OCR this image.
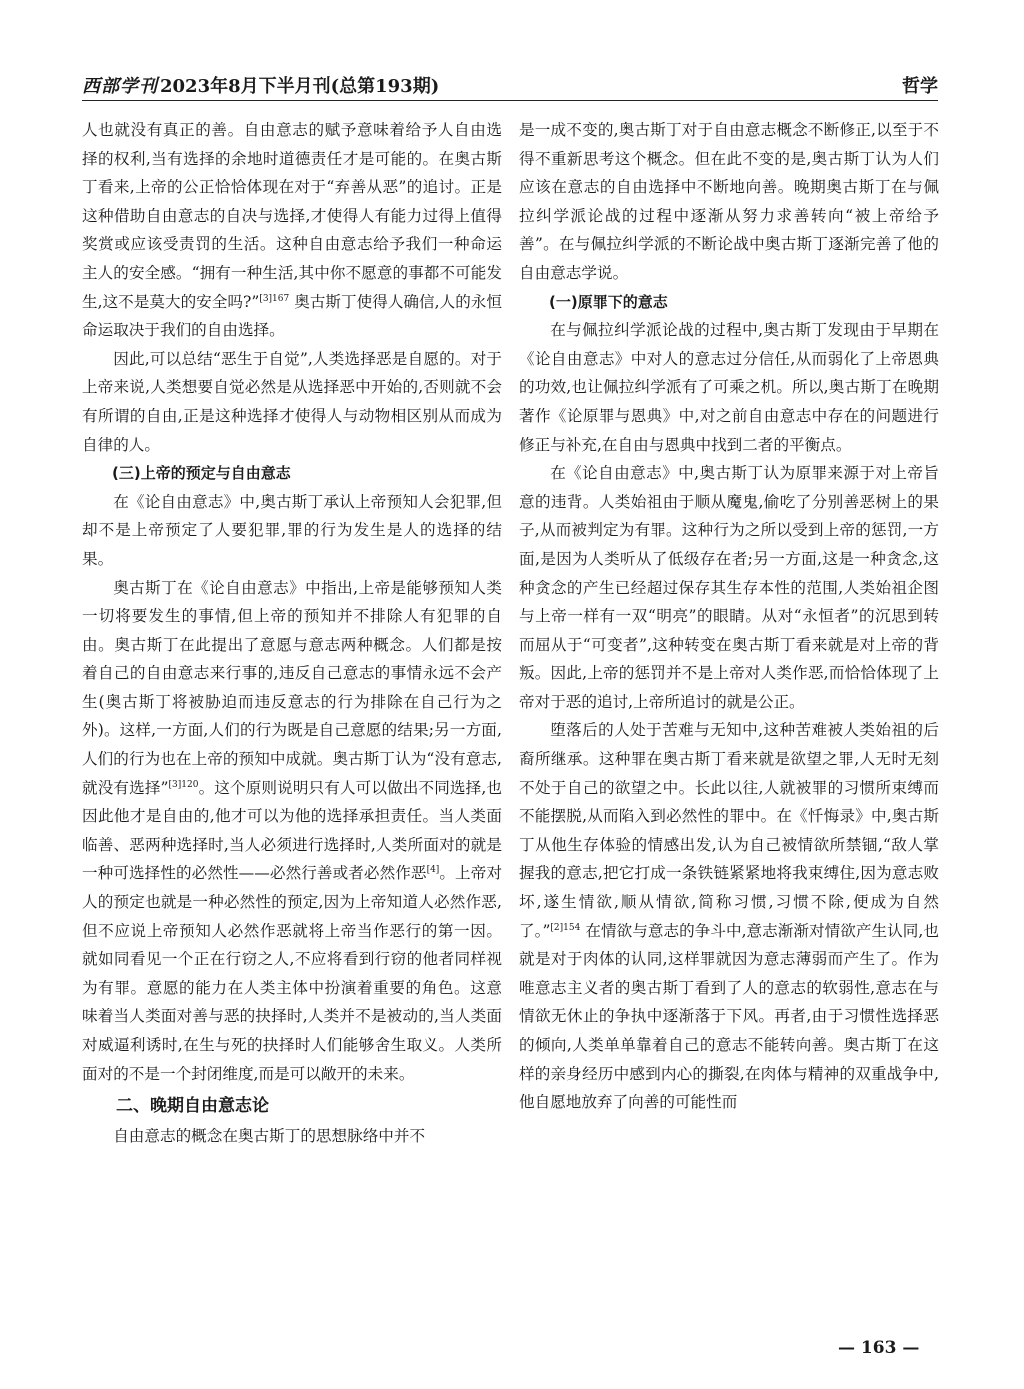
西部学刊 2023年8月下半月刊(总第193期)	哲学

人也就没有真正的善。自由意志的赋予意味着给予人自由选择的权利,当有选择的余地时道德责任才是可能的。在奥古斯丁看来,上帝的公正恰恰体现在对于“弃善从恶”的追讨。正是这种借助自由意志的自决与选择,才使得人有能力过得上值得奖赏或应该受责罚的生活。这种自由意志给予我们一种命运主人的安全感。“拥有一种生活,其中你不愿意的事都不可能发生,这不是莫大的安全吗?”$^{[3]167}$ 奥古斯丁使得人确信,人的永恒命运取决于我们的自由选择。

因此,可以总结“恶生于自觉”,人类选择恶是自愿的。对于上帝来说,人类想要自觉必然是从选择恶中开始的,否则就不会有所谓的自由,正是这种选择才使得人与动物相区别从而成为自律的人。

(三)上帝的预定与自由意志

在《论自由意志》中,奥古斯丁承认上帝预知人会犯罪,但却不是上帝预定了人要犯罪,罪的行为发生是人的选择的结果。

奥古斯丁在《论自由意志》中指出,上帝是能够预知人类一切将要发生的事情,但上帝的预知并不排除人有犯罪的自由。奥古斯丁在此提出了意愿与意志两种概念。人们都是按着自己的自由意志来行事的,违反自己意志的事情永远不会产生(奥古斯丁将被胁迫而违反意志的行为排除在自己行为之外)。这样,一方面,人们的行为既是自己意愿的结果;另一方面,人们的行为也在上帝的预知中成就。奥古斯丁认为“没有意志,就没有选择”$^{[3]120}$。这个原则说明只有人可以做出不同选择,也因此他才是自由的,他才可以为他的选择承担责任。当人类面临善、恶两种选择时,当人必须进行选择时,人类所面对的就是一种可选择性的必然性——必然行善或者必然作恶[4]。上帝对人的预定也就是一种必然性的预定,因为上帝知道人必然作恶,但不应说上帝预知人必然作恶就将上帝当作恶行的第一因。就如同看见一个正在行窃之人,不应将看到行窃的他者同样视为有罪。意愿的能力在人类主体中扮演着重要的角色。这意味着当人类面对善与恶的抉择时,人类并不是被动的,当人类面对威逼利诱时,在生与死的抉择时人们能够舍生取义。人类所面对的不是一个封闭维度,而是可以敞开的未来。

二、晚期自由意志论

自由意志的概念在奥古斯丁的思想脉络中并不

是一成不变的,奥古斯丁对于自由意志概念不断修正,以至于不得不重新思考这个概念。但在此不变的是,奥古斯丁认为人们应该在意志的自由选择中不断地向善。晚期奥古斯丁在与佩拉纠学派论战的过程中逐渐从努力求善转向“被上帝给予善”。在与佩拉纠学派的不断论战中奥古斯丁逐渐完善了他的自由意志学说。

(一)原罪下的意志

在与佩拉纠学派论战的过程中,奥古斯丁发现由于早期在《论自由意志》中对人的意志过分信任,从而弱化了上帝恩典的功效,也让佩拉纠学派有了可乘之机。所以,奥古斯丁在晚期著作《论原罪与恩典》中,对之前自由意志中存在的问题进行修正与补充,在自由与恩典中找到二者的平衡点。

在《论自由意志》中,奥古斯丁认为原罪来源于对上帝旨意的违背。人类始祖由于顺从魔鬼,偷吃了分别善恶树上的果子,从而被判定为有罪。这种行为之所以受到上帝的惩罚,一方面,是因为人类听从了低级存在者;另一方面,这是一种贪念,这种贪念的产生已经超过保存其生存本性的范围,人类始祖企图与上帝一样有一双“明亮”的眼睛。从对“永恒者”的沉思到转而屈从于“可变者”,这种转变在奥古斯丁看来就是对上帝的背叛。因此,上帝的惩罚并不是上帝对人类作恶,而恰恰体现了上帝对于恶的追讨,上帝所追讨的就是公正。

堕落后的人处于苦难与无知中,这种苦难被人类始祖的后裔所继承。这种罪在奥古斯丁看来就是欲望之罪,人无时无刻不处于自己的欲望之中。长此以往,人就被罪的习惯所束缚而不能摆脱,从而陷入到必然性的罪中。在《忏悔录》中,奥古斯丁从他生存体验的情感出发,认为自己被情欲所禁锢,“敌人掌握我的意志,把它打成一条铁链紧紧地将我束缚住,因为意志败坏,遂生情欲,顺从情欲,简称习惯,习惯不除,便成为自然了。”$^{[2]154}$ 在情欲与意志的争斗中,意志渐渐对情欲产生认同,也就是对于肉体的认同,这样罪就因为意志薄弱而产生了。作为唯意志主义者的奥古斯丁看到了人的意志的软弱性,意志在与情欲无休止的争执中逐渐落于下风。再者,由于习惯性选择恶的倾向,人类单单靠着自己的意志不能转向善。奥古斯丁在这样的亲身经历中感到内心的撕裂,在肉体与精神的双重战争中,他自愿地放弃了向善的可能性而

— 163 —
